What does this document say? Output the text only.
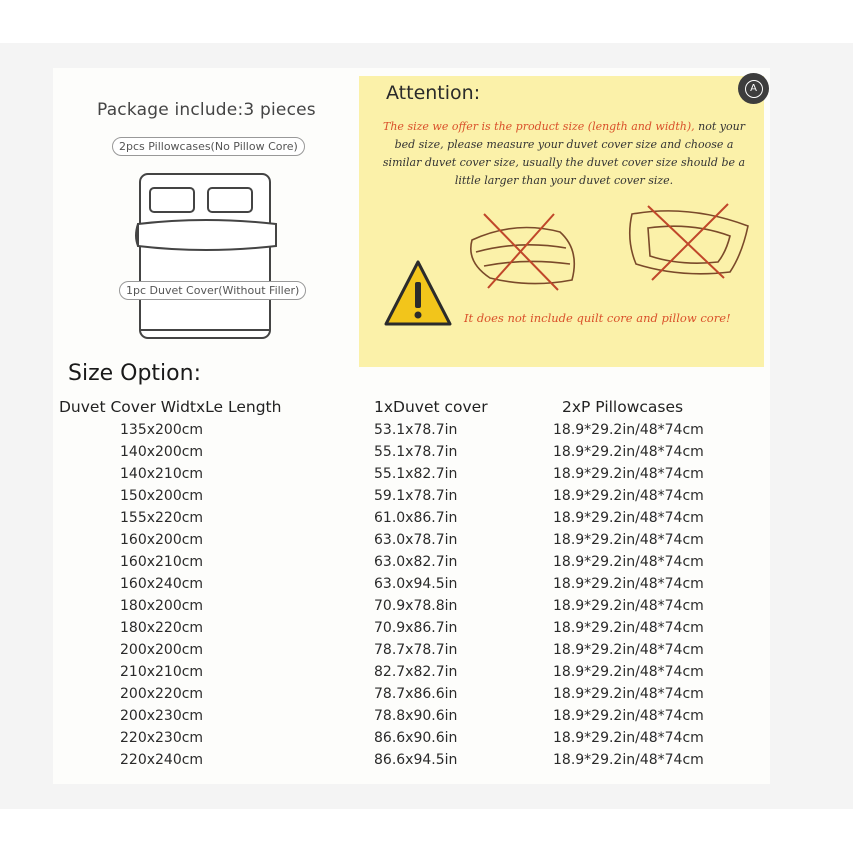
Package include:3 pieces
2pcs Pillowcases(No Pillow Core)
1pc Duvet Cover(Without Filler)
Attention:
The size we offer is the product size (length and width), not your bed size, please measure your duvet cover size and choose a similar duvet cover size, usually the duvet cover size should be a little larger than your duvet cover size.
It does not include quilt core and pillow core!
A
Size Option:
Duvet Cover WidtxLe Length	1xDuvet cover	2xP Pillowcases
135x200cm	53.1x78.7in	18.9*29.2in/48*74cm
140x200cm	55.1x78.7in	18.9*29.2in/48*74cm
140x210cm	55.1x82.7in	18.9*29.2in/48*74cm
150x200cm	59.1x78.7in	18.9*29.2in/48*74cm
155x220cm	61.0x86.7in	18.9*29.2in/48*74cm
160x200cm	63.0x78.7in	18.9*29.2in/48*74cm
160x210cm	63.0x82.7in	18.9*29.2in/48*74cm
160x240cm	63.0x94.5in	18.9*29.2in/48*74cm
180x200cm	70.9x78.8in	18.9*29.2in/48*74cm
180x220cm	70.9x86.7in	18.9*29.2in/48*74cm
200x200cm	78.7x78.7in	18.9*29.2in/48*74cm
210x210cm	82.7x82.7in	18.9*29.2in/48*74cm
200x220cm	78.7x86.6in	18.9*29.2in/48*74cm
200x230cm	78.8x90.6in	18.9*29.2in/48*74cm
220x230cm	86.6x90.6in	18.9*29.2in/48*74cm
220x240cm	86.6x94.5in	18.9*29.2in/48*74cm
